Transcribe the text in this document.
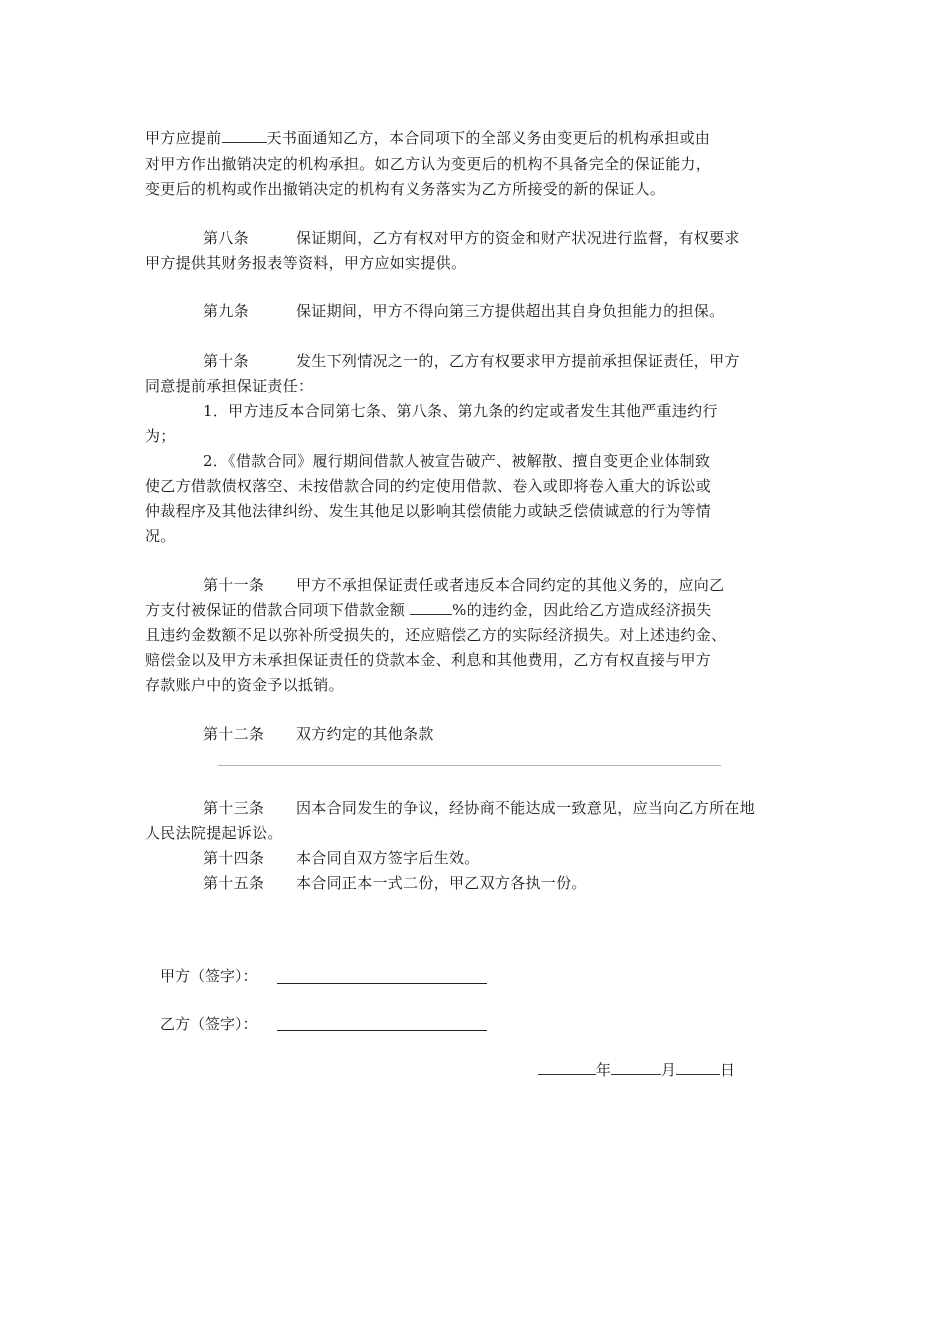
甲方应提前	天书面通知乙方，本合同项下的全部义务由变更后的机构承担或由
对甲方作出撤销决定的机构承担。如乙方认为变更后的机构不具备完全的保证能力，
变更后的机构或作出撤销决定的机构有义务落实为乙方所接受的新的保证人。
第八条	保证期间，乙方有权对甲方的资金和财产状况进行监督，有权要求
甲方提供其财务报表等资料，甲方应如实提供。
第九条	保证期间，甲方不得向第三方提供超出其自身负担能力的担保。
第十条	发生下列情况之一的，乙方有权要求甲方提前承担保证责任，甲方
同意提前承担保证责任：
1．甲方违反本合同第七条、第八条、第九条的约定或者发生其他严重违约行
为；
2．《借款合同》履行期间借款人被宣告破产、被解散、擅自变更企业体制致
使乙方借款债权落空、未按借款合同的约定使用借款、卷入或即将卷入重大的诉讼或
仲裁程序及其他法律纠纷、发生其他足以影响其偿债能力或缺乏偿债诚意的行为等情
况。
第十一条 甲方不承担保证责任或者违反本合同约定的其他义务的，应向乙
方支付被保证的借款合同项下借款金额	%的违约金，因此给乙方造成经济损失
且违约金数额不足以弥补所受损失的，还应赔偿乙方的实际经济损失。对上述违约金、
赔偿金以及甲方未承担保证责任的贷款本金、利息和其他费用，乙方有权直接与甲方
存款账户中的资金予以抵销。
第十二条 双方约定的其他条款
第十三条 因本合同发生的争议，经协商不能达成一致意见，应当向乙方所在地
人民法院提起诉讼。
第十四条 本合同自双方签字后生效。
第十五条 本合同正本一式二份，甲乙双方各执一份。
甲方（签字）：
乙方（签字）：
年	月	日
